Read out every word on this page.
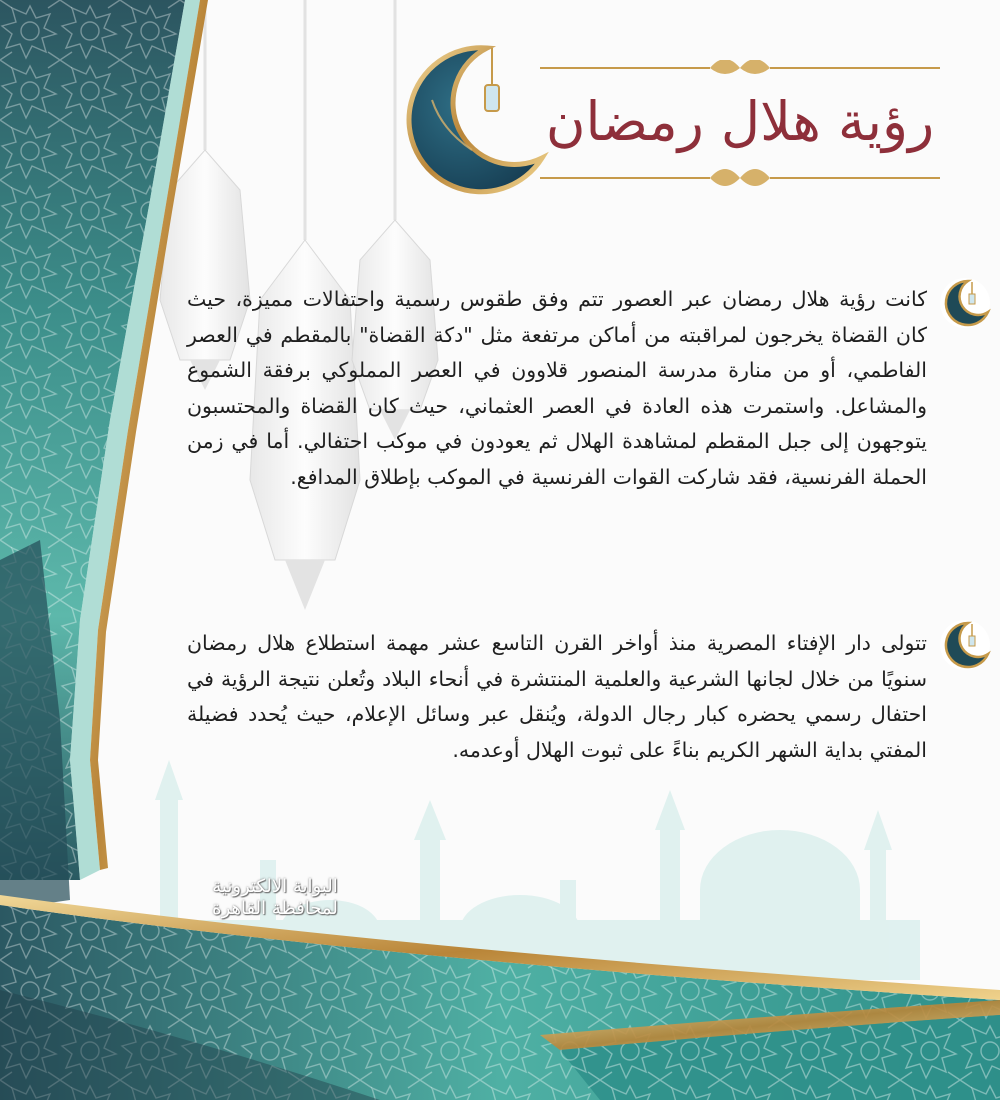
رؤية هلال رمضان
كانت رؤية هلال رمضان عبر العصور تتم وفق طقوس رسمية واحتفالات مميزة، حيث كان القضاة يخرجون لمراقبته من أماكن مرتفعة مثل "دكة القضاة" بالمقطم في العصر الفاطمي، أو من منارة مدرسة المنصور قلاوون في العصر المملوكي برفقة الشموع والمشاعل. واستمرت هذه العادة في العصر العثماني، حيث كان القضاة والمحتسبون يتوجهون إلى جبل المقطم لمشاهدة الهلال ثم يعودون في موكب احتفالي. أما في زمن الحملة الفرنسية، فقد شاركت القوات الفرنسية في الموكب بإطلاق المدافع.
تتولى دار الإفتاء المصرية منذ أواخر القرن التاسع عشر مهمة استطلاع هلال رمضان سنويًا من خلال لجانها الشرعية والعلمية المنتشرة في أنحاء البلاد وتُعلن نتيجة الرؤية في احتفال رسمي يحضره كبار رجال الدولة، ويُنقل عبر وسائل الإعلام، حيث يُحدد فضيلة المفتي بداية الشهر الكريم بناءً على ثبوت الهلال أوعدمه.
البوابة الالكترونية
لمحافظة القاهرة
